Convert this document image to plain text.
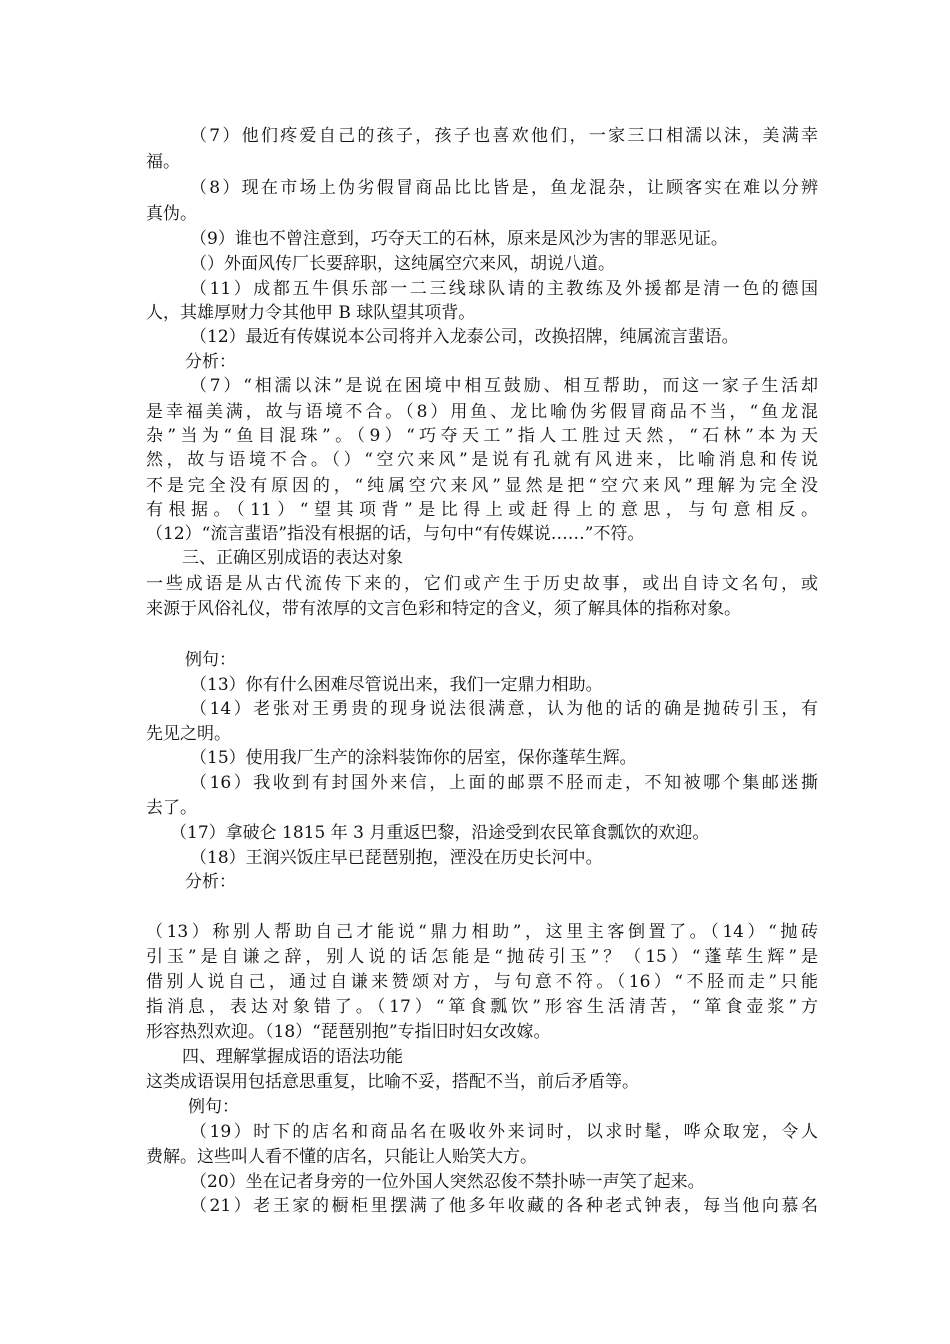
（7）他们疼爱自己的孩子，孩子也喜欢他们，一家三口相濡以沫，美满幸
福。
（8）现在市场上伪劣假冒商品比比皆是，鱼龙混杂，让顾客实在难以分辨
真伪。
（9）谁也不曾注意到，巧夺天工的石林，原来是风沙为害的罪恶见证。
（）外面风传厂长要辞职，这纯属空穴来风，胡说八道。
（11）成都五牛俱乐部一二三线球队请的主教练及外援都是清一色的德国
人，其雄厚财力令其他甲 B 球队望其项背。
（12）最近有传媒说本公司将并入龙泰公司，改换招牌，纯属流言蜚语。
分析：
（7）“相濡以沫”是说在困境中相互鼓励、相互帮助，而这一家子生活却
是幸福美满，故与语境不合。（8）用鱼、龙比喻伪劣假冒商品不当，“鱼龙混
杂”当为“鱼目混珠”。（9）“巧夺天工”指人工胜过天然，“石林”本为天
然，故与语境不合。（）“空穴来风”是说有孔就有风进来，比喻消息和传说
不是完全没有原因的，“纯属空穴来风”显然是把“空穴来风”理解为完全没
有根据。（11）“望其项背”是比得上或赶得上的意思，与句意相反。
（12）“流言蜚语”指没有根据的话，与句中“有传媒说……”不符。
三、正确区别成语的表达对象
一些成语是从古代流传下来的，它们或产生于历史故事，或出自诗文名句，或
来源于风俗礼仪，带有浓厚的文言色彩和特定的含义，须了解具体的指称对象。
例句：
（13）你有什么困难尽管说出来，我们一定鼎力相助。
（14）老张对王勇贵的现身说法很满意，认为他的话的确是抛砖引玉，有
先见之明。
（15）使用我厂生产的涂料装饰你的居室，保你蓬荜生辉。
（16）我收到有封国外来信，上面的邮票不胫而走，不知被哪个集邮迷撕
去了。
（17）拿破仑 1815 年 3 月重返巴黎，沿途受到农民箪食瓢饮的欢迎。
（18）王润兴饭庄早已琵琶别抱，湮没在历史长河中。
分析：
（13）称别人帮助自己才能说“鼎力相助”，这里主客倒置了。（14）“抛砖
引玉”是自谦之辞，别人说的话怎能是“抛砖引玉”？（15）“蓬荜生辉”是
借别人说自己，通过自谦来赞颂对方，与句意不符。（16）“不胫而走”只能
指消息，表达对象错了。（17）“箪食瓢饮”形容生活清苦，“箪食壶浆”方
形容热烈欢迎。（18）“琵琶别抱”专指旧时妇女改嫁。
四、理解掌握成语的语法功能
这类成语误用包括意思重复，比喻不妥，搭配不当，前后矛盾等。
例句：
（19）时下的店名和商品名在吸收外来词时，以求时髦，哗众取宠，令人
费解。这些叫人看不懂的店名，只能让人贻笑大方。
（20）坐在记者身旁的一位外国人突然忍俊不禁扑哧一声笑了起来。
（21）老王家的橱柜里摆满了他多年收藏的各种老式钟表，每当他向慕名
